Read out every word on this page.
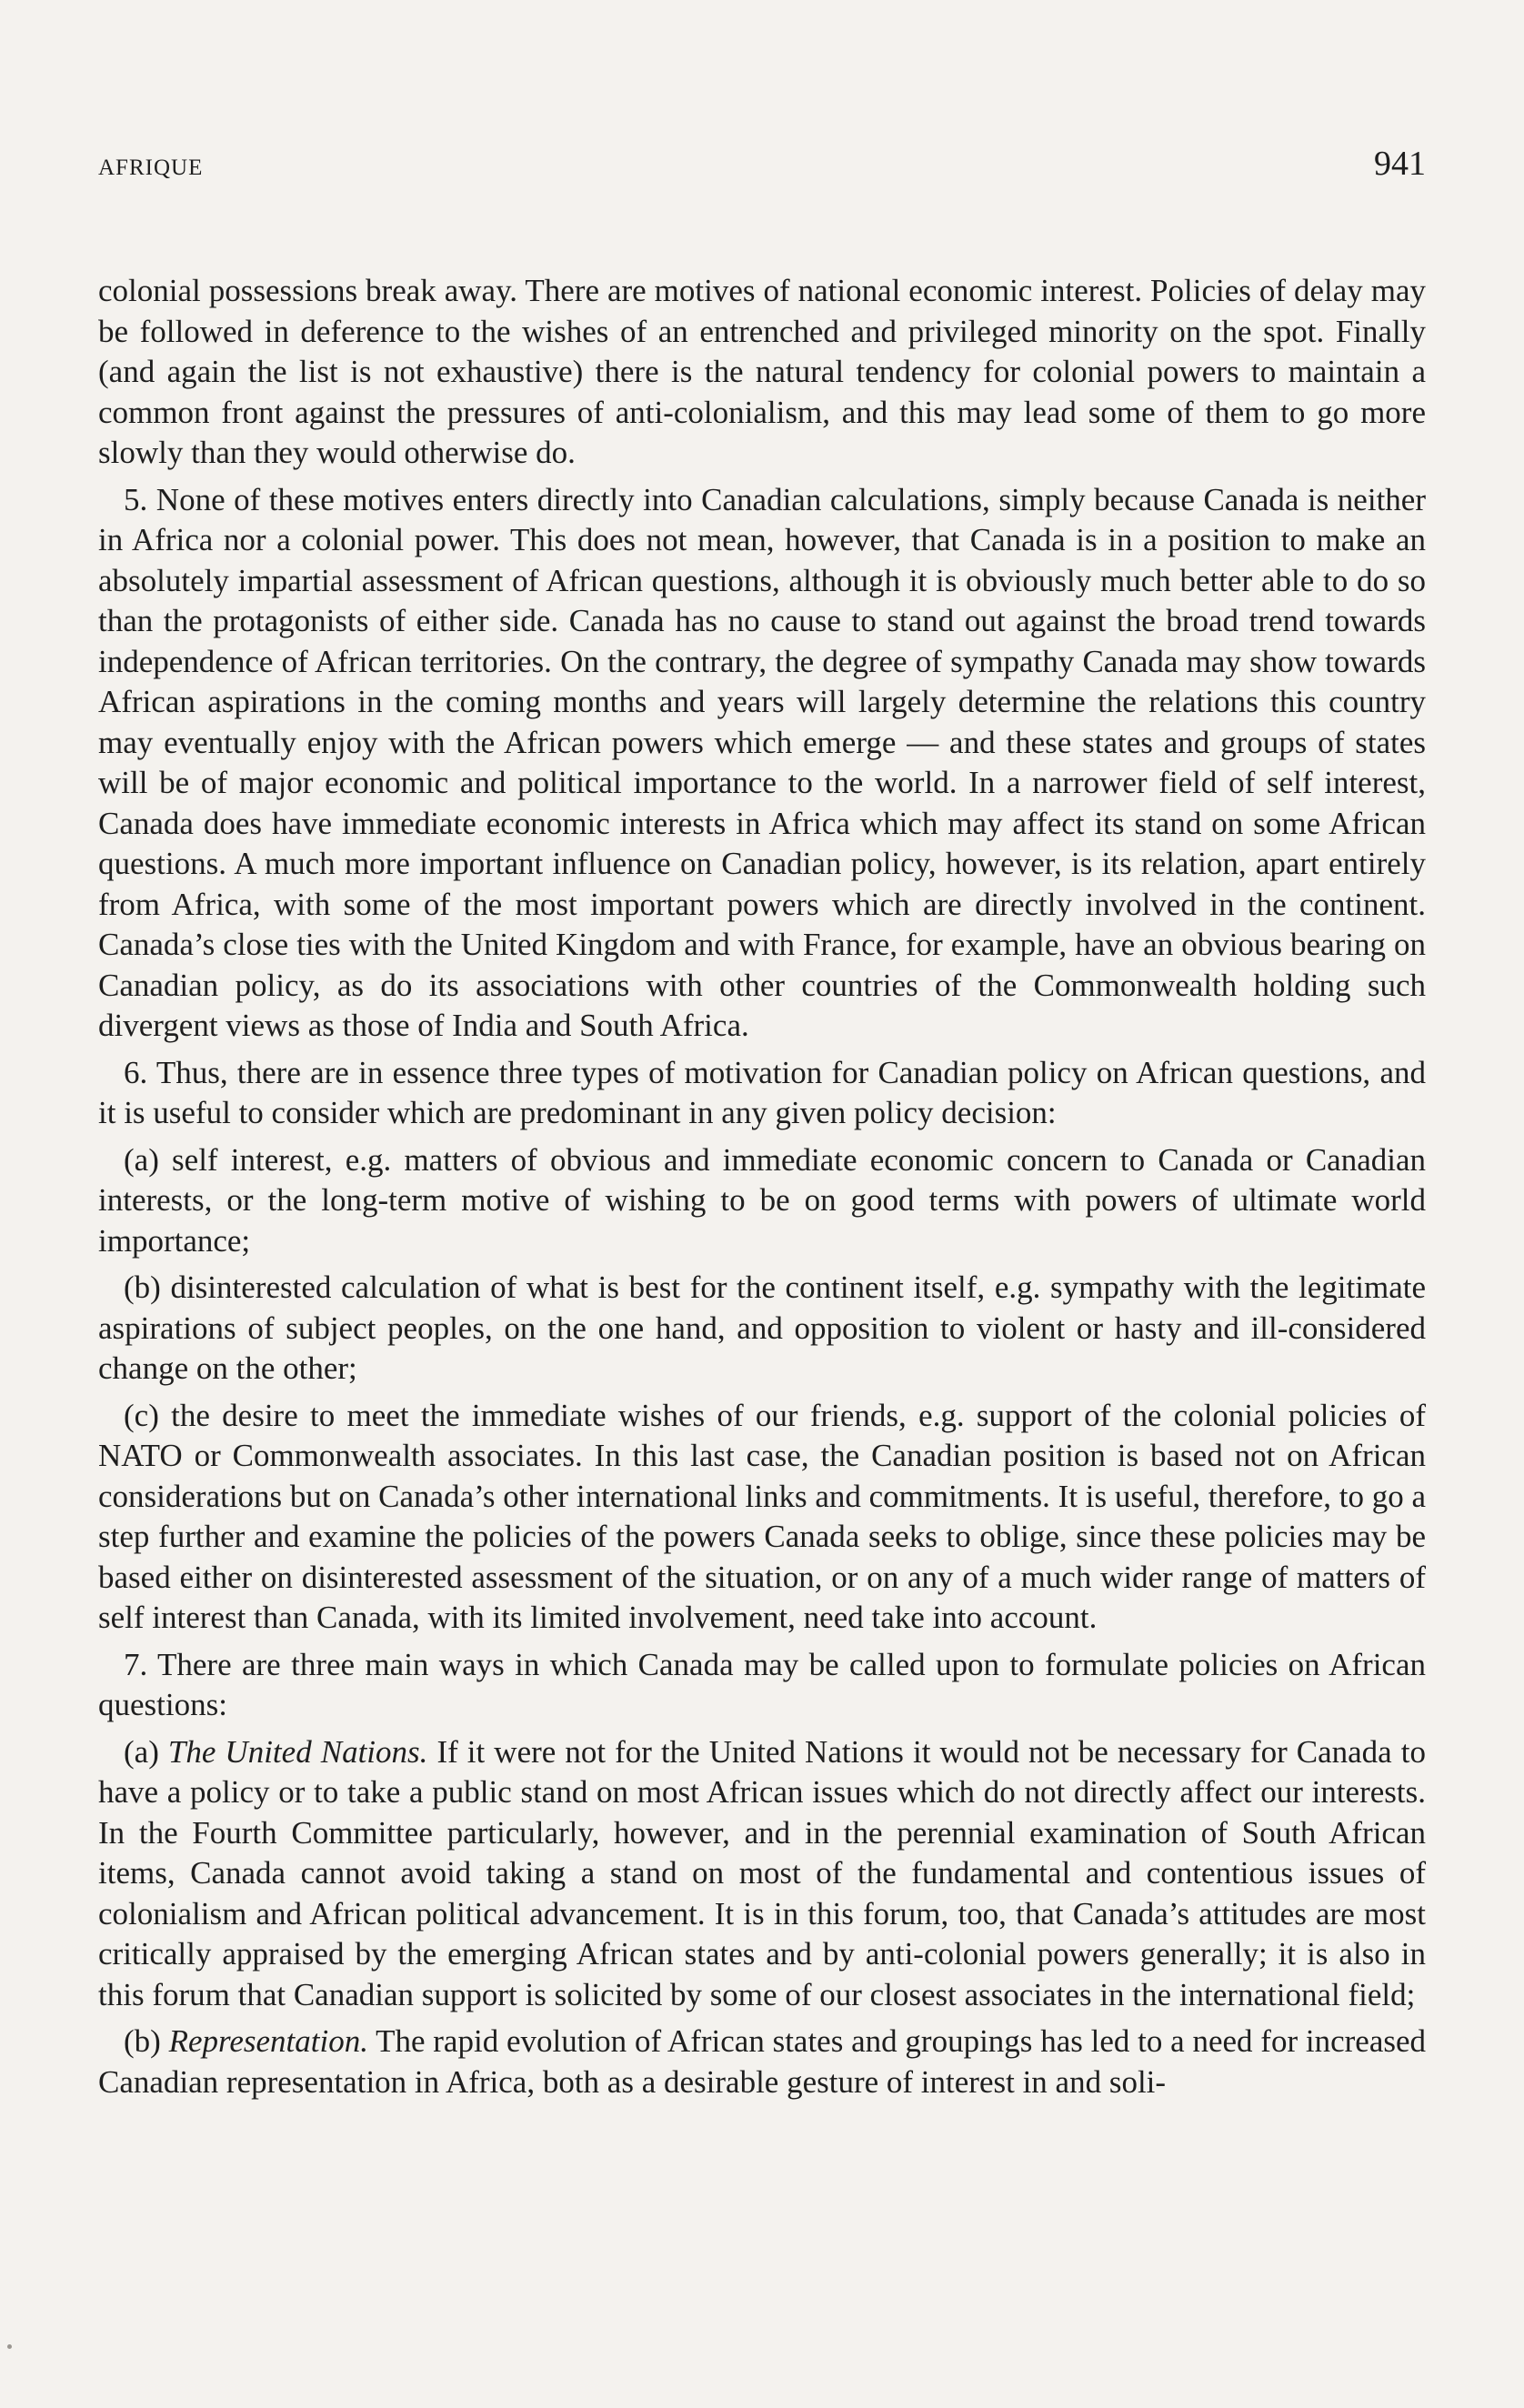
AFRIQUE	941

colonial possessions break away. There are motives of national economic interest. Policies of delay may be followed in deference to the wishes of an entrenched and privileged minority on the spot. Finally (and again the list is not exhaustive) there is the natural tendency for colonial powers to maintain a common front against the pressures of anti-colonialism, and this may lead some of them to go more slowly than they would otherwise do.

5. None of these motives enters directly into Canadian calculations, simply because Canada is neither in Africa nor a colonial power. This does not mean, however, that Canada is in a position to make an absolutely impartial assessment of African questions, although it is obviously much better able to do so than the protagonists of either side. Canada has no cause to stand out against the broad trend towards independence of African territories. On the contrary, the degree of sympathy Canada may show towards African aspirations in the coming months and years will largely determine the relations this country may eventually enjoy with the African powers which emerge — and these states and groups of states will be of major economic and political importance to the world. In a narrower field of self interest, Canada does have immediate economic interests in Africa which may affect its stand on some African questions. A much more important influence on Canadian policy, however, is its relation, apart entirely from Africa, with some of the most important powers which are directly involved in the continent. Canada’s close ties with the United Kingdom and with France, for example, have an obvious bearing on Canadian policy, as do its associations with other countries of the Commonwealth holding such divergent views as those of India and South Africa.

6. Thus, there are in essence three types of motivation for Canadian policy on African questions, and it is useful to consider which are predominant in any given policy decision:

(a) self interest, e.g. matters of obvious and immediate economic concern to Canada or Canadian interests, or the long-term motive of wishing to be on good terms with powers of ultimate world importance;

(b) disinterested calculation of what is best for the continent itself, e.g. sympathy with the legitimate aspirations of subject peoples, on the one hand, and opposition to violent or hasty and ill-considered change on the other;

(c) the desire to meet the immediate wishes of our friends, e.g. support of the colonial policies of NATO or Commonwealth associates. In this last case, the Canadian position is based not on African considerations but on Canada’s other international links and commitments. It is useful, therefore, to go a step further and examine the policies of the powers Canada seeks to oblige, since these policies may be based either on disinterested assessment of the situation, or on any of a much wider range of matters of self interest than Canada, with its limited involvement, need take into account.

7. There are three main ways in which Canada may be called upon to formulate policies on African questions:

(a) The United Nations. If it were not for the United Nations it would not be necessary for Canada to have a policy or to take a public stand on most African issues which do not directly affect our interests. In the Fourth Committee particularly, however, and in the perennial examination of South African items, Canada cannot avoid taking a stand on most of the fundamental and contentious issues of colonialism and African political advancement. It is in this forum, too, that Canada’s attitudes are most critically appraised by the emerging African states and by anti-colonial powers generally; it is also in this forum that Canadian support is solicited by some of our closest associates in the international field;

(b) Representation. The rapid evolution of African states and groupings has led to a need for increased Canadian representation in Africa, both as a desirable gesture of interest in and soli-
